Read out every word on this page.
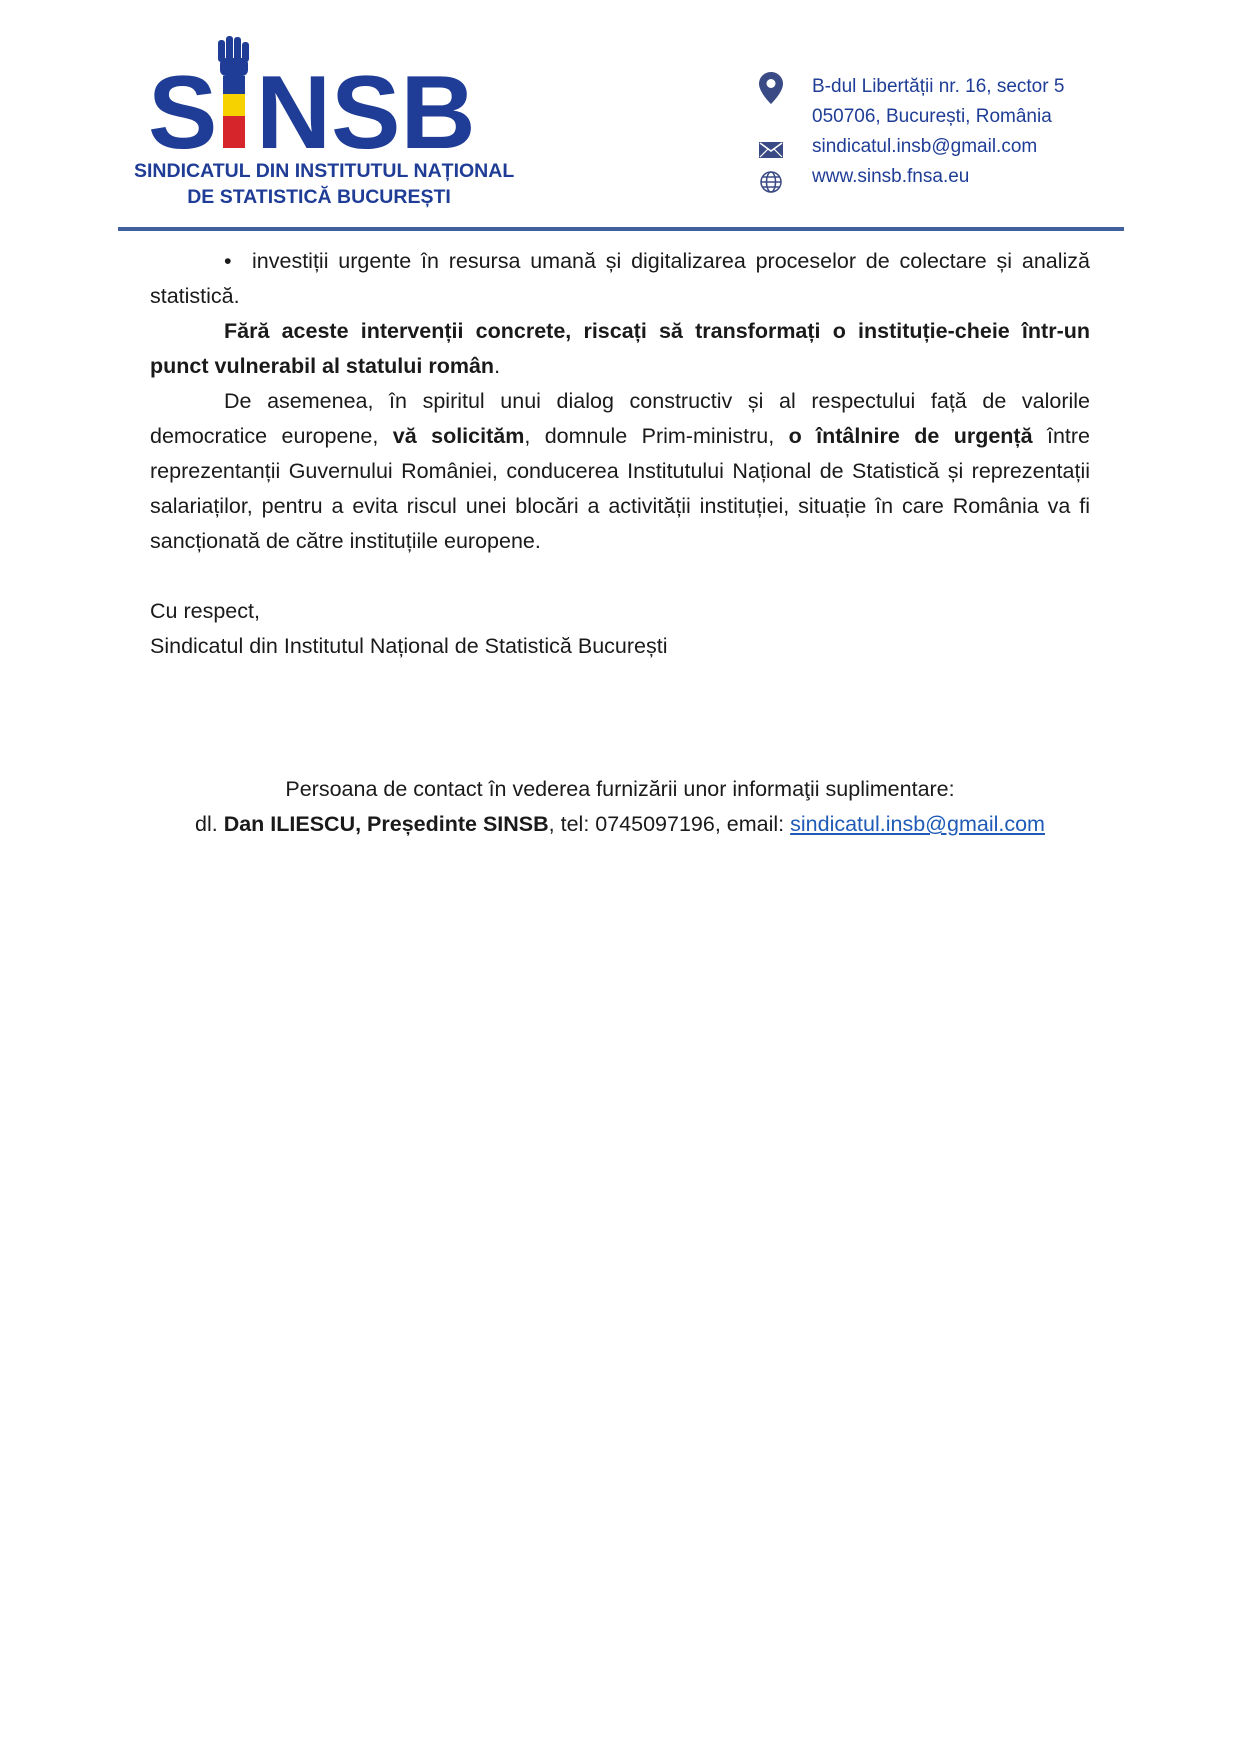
S NSB
SINDICATUL DIN INSTITUTUL NAȚIONAL
DE STATISTICĂ BUCUREȘTI
B-dul Libertății nr. 16, sector 5
050706, București, România
sindicatul.insb@gmail.com
www.sinsb.fnsa.eu

• investiții urgente în resursa umană și digitalizarea proceselor de colectare și analiză statistică.

Fără aceste intervenții concrete, riscați să transformați o instituție-cheie într-un punct vulnerabil al statului român.

De asemenea, în spiritul unui dialog constructiv și al respectului față de valorile democratice europene, vă solicităm, domnule Prim-ministru, o întâlnire de urgență între reprezentanții Guvernului României, conducerea Institutului Național de Statistică și reprezentații salariaților, pentru a evita riscul unei blocări a activității instituției, situație în care România va fi sancționată de către instituțiile europene.

Cu respect,

Sindicatul din Institutul Național de Statistică București

Persoana de contact în vederea furnizării unor informaţii suplimentare:
dl. Dan ILIESCU, Președinte SINSB, tel: 0745097196, email: sindicatul.insb@gmail.com
